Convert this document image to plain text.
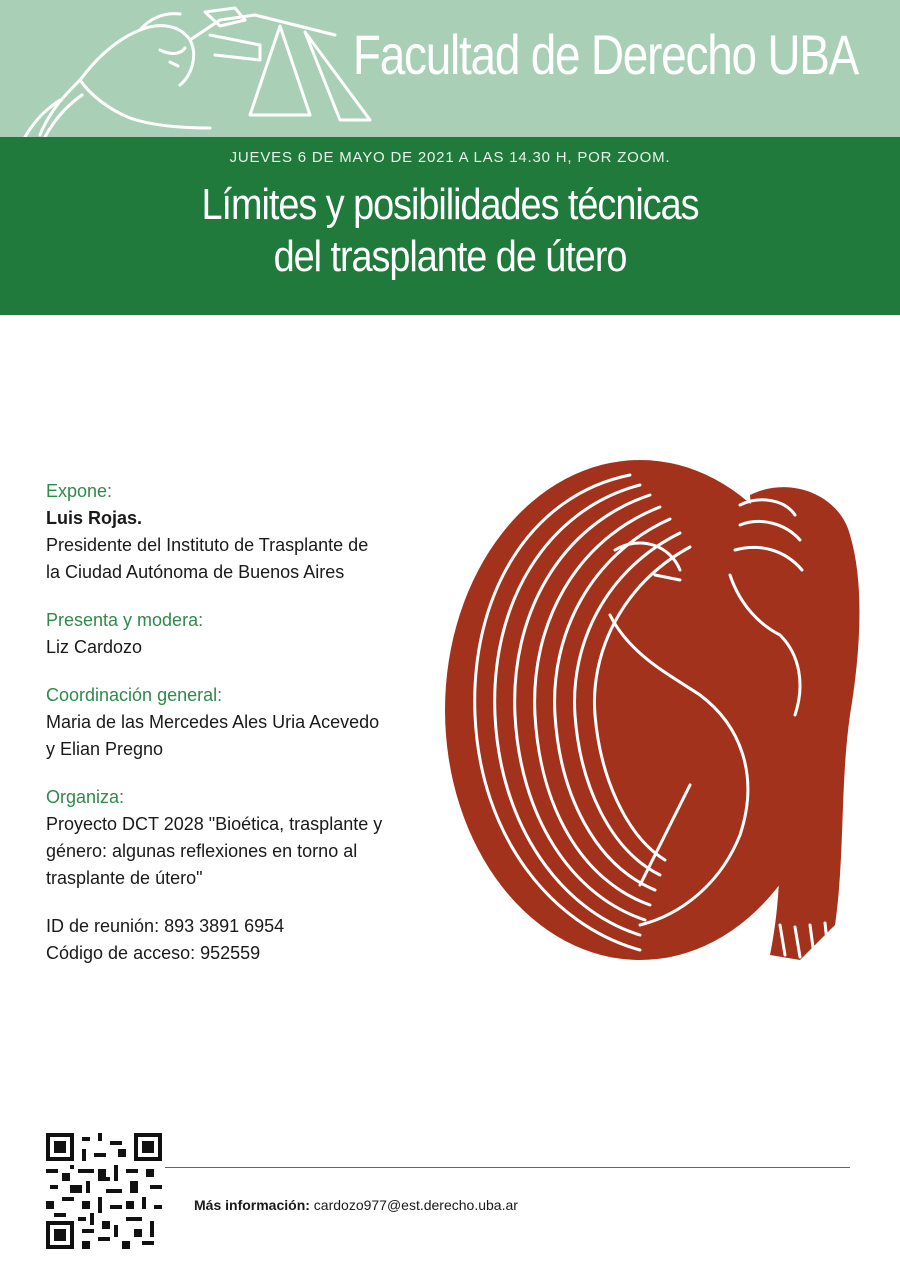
Facultad de Derecho UBA
JUEVES 6 DE MAYO DE 2021 A LAS 14.30 H, POR ZOOM.
Límites y posibilidades técnicas
del trasplante de útero
Expone:
Luis Rojas.
Presidente del Instituto de Trasplante de
la Ciudad Autónoma de Buenos Aires
Presenta y modera:
Liz Cardozo
Coordinación general:
Maria de las Mercedes Ales Uria Acevedo
y Elian Pregno
Organiza:
Proyecto DCT 2028 "Bioética, trasplante y
género: algunas reflexiones en torno al
trasplante de útero"
ID de reunión: 893 3891 6954
Código de acceso: 952559
Más información: cardozo977@est.derecho.uba.ar
